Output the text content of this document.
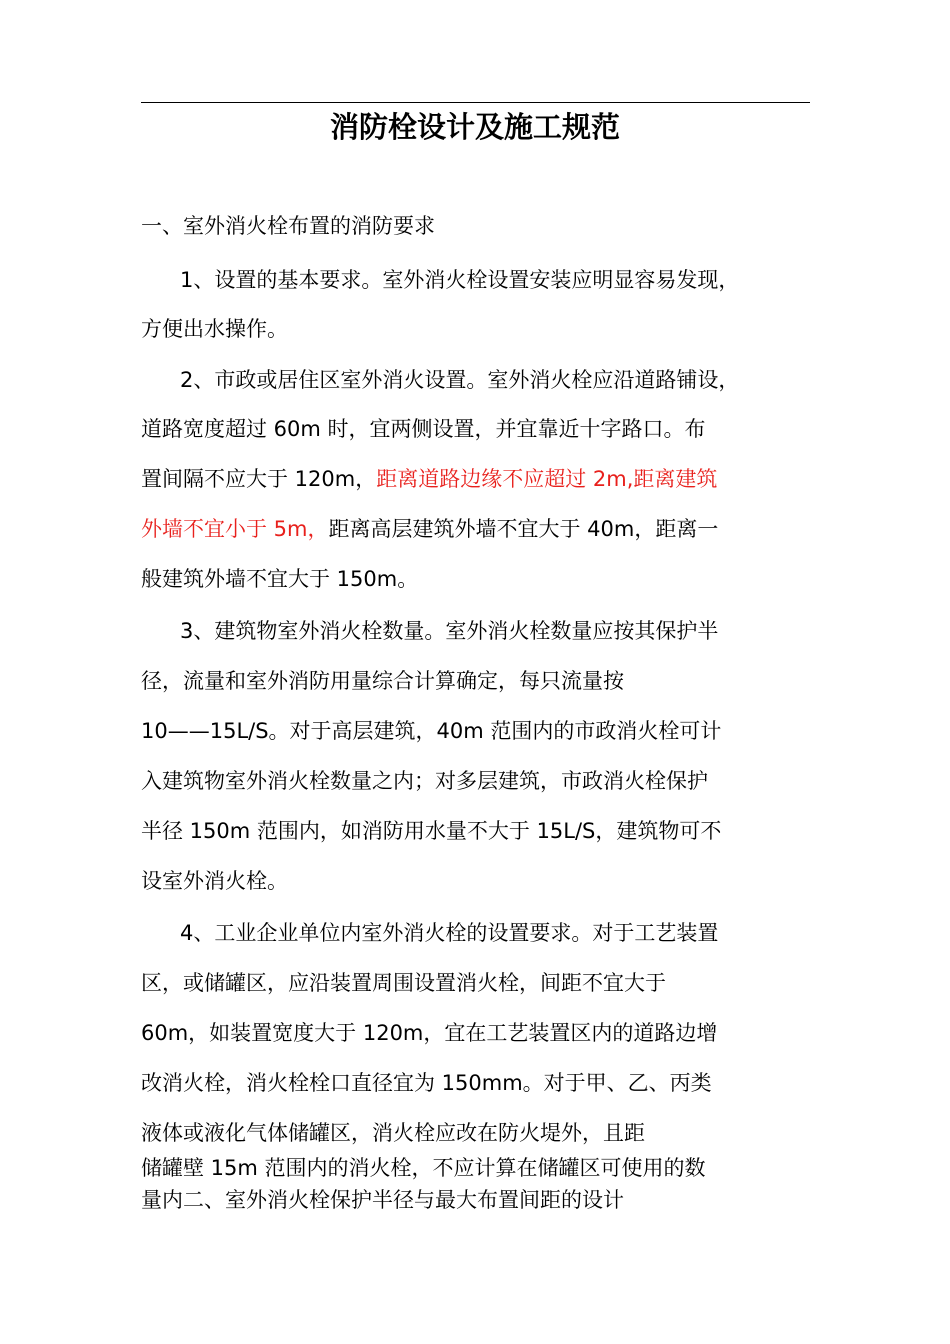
消防栓设计及施工规范
一、室外消火栓布置的消防要求
1、设置的基本要求。室外消火栓设置安装应明显容易发现，
方便出水操作。
2、市政或居住区室外消火设置。室外消火栓应沿道路铺设，
道路宽度超过 60m 时，宜两侧设置，并宜靠近十字路口。布
置间隔不应大于 120m，距离道路边缘不应超过 2m,距离建筑
外墙不宜小于 5m，距离高层建筑外墙不宜大于 40m，距离一
般建筑外墙不宜大于 150m。
3、建筑物室外消火栓数量。室外消火栓数量应按其保护半
径，流量和室外消防用量综合计算确定，每只流量按
10——15L/S。对于高层建筑，40m 范围内的市政消火栓可计
入建筑物室外消火栓数量之内；对多层建筑，市政消火栓保护
半径 150m 范围内，如消防用水量不大于 15L/S，建筑物可不
设室外消火栓。
4、工业企业单位内室外消火栓的设置要求。对于工艺装置
区，或储罐区，应沿装置周围设置消火栓，间距不宜大于
60m，如装置宽度大于 120m，宜在工艺装置区内的道路边增
改消火栓，消火栓栓口直径宜为 150mm。对于甲、乙、丙类
液体或液化气体储罐区，消火栓应改在防火堤外，且距
储罐壁 15m 范围内的消火栓，不应计算在储罐区可使用的数
量内二、室外消火栓保护半径与最大布置间距的设计
